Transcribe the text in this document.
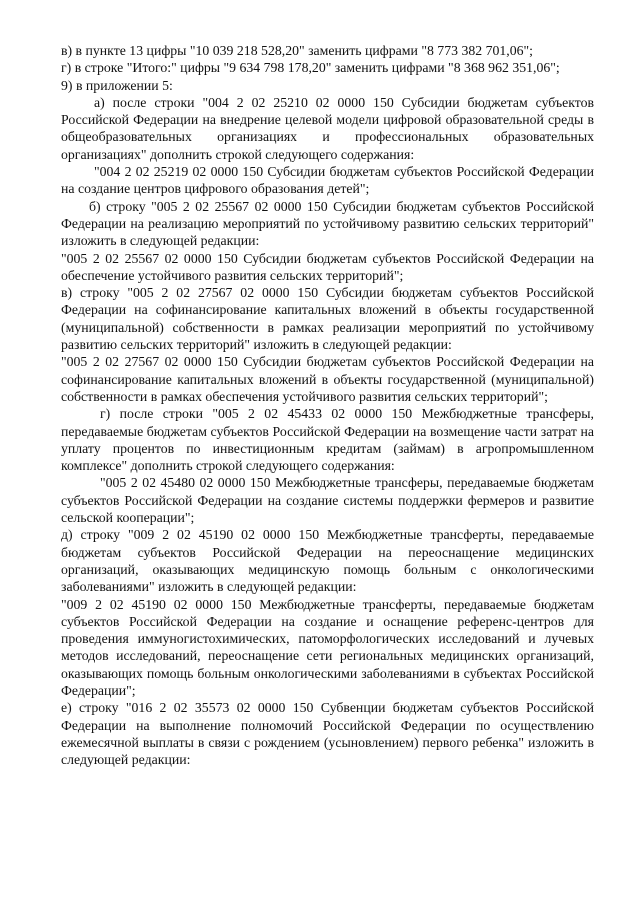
в) в пункте 13 цифры "10 039 218 528,20" заменить цифрами "8 773 382 701,06";

г) в строке "Итого:" цифры "9 634 798 178,20" заменить цифрами "8 368 962 351,06";

9) в приложении 5:

а) после строки "004 2 02 25210 02 0000 150 Субсидии бюджетам субъектов Российской Федерации на внедрение целевой модели цифровой образовательной среды в общеобразовательных организациях и профессиональных образовательных организациях" дополнить строкой следующего содержания:

"004 2 02 25219 02 0000 150 Субсидии бюджетам субъектов Российской Федерации на создание центров цифрового образования детей";

б) строку "005 2 02 25567 02 0000 150 Субсидии бюджетам субъектов Российской Федерации на реализацию мероприятий по устойчивому развитию сельских территорий" изложить в следующей редакции:

"005 2 02 25567 02 0000 150 Субсидии бюджетам субъектов Российской Федерации на обеспечение устойчивого развития сельских территорий";

в) строку "005 2 02 27567 02 0000 150 Субсидии бюджетам субъектов Российской Федерации на софинансирование капитальных вложений в объекты государственной (муниципальной) собственности в рамках реализации мероприятий по устойчивому развитию сельских территорий" изложить в следующей редакции:

"005 2 02 27567 02 0000 150 Субсидии бюджетам субъектов Российской Федерации на софинансирование капитальных вложений в объекты государственной (муниципальной) собственности в рамках обеспечения устойчивого развития сельских территорий";

г) после строки "005 2 02 45433 02 0000 150 Межбюджетные трансферы, передаваемые бюджетам субъектов Российской Федерации на возмещение части затрат на уплату процентов по инвестиционным кредитам (займам) в агропромышленном комплексе" дополнить строкой следующего содержания:

"005 2 02 45480 02 0000 150 Межбюджетные трансферы, передаваемые бюджетам субъектов Российской Федерации на создание системы поддержки фермеров и развитие сельской кооперации";

д) строку "009 2 02 45190 02 0000 150 Межбюджетные трансферты, передаваемые бюджетам субъектов Российской Федерации на переоснащение медицинских организаций, оказывающих медицинскую помощь больным с онкологическими заболеваниями" изложить в следующей редакции:

"009 2 02 45190 02 0000 150 Межбюджетные трансферты, передаваемые бюджетам субъектов Российской Федерации на создание и оснащение референс-центров для проведения иммуногистохимических, патоморфологических исследований и лучевых методов исследований, переоснащение сети региональных медицинских организаций, оказывающих помощь больным онкологическими заболеваниями в субъектах Российской Федерации";

е) строку "016 2 02 35573 02 0000 150 Субвенции бюджетам субъектов Российской Федерации на выполнение полномочий Российской Федерации по осуществлению ежемесячной выплаты в связи с рождением (усыновлением) первого ребенка" изложить в следующей редакции:
